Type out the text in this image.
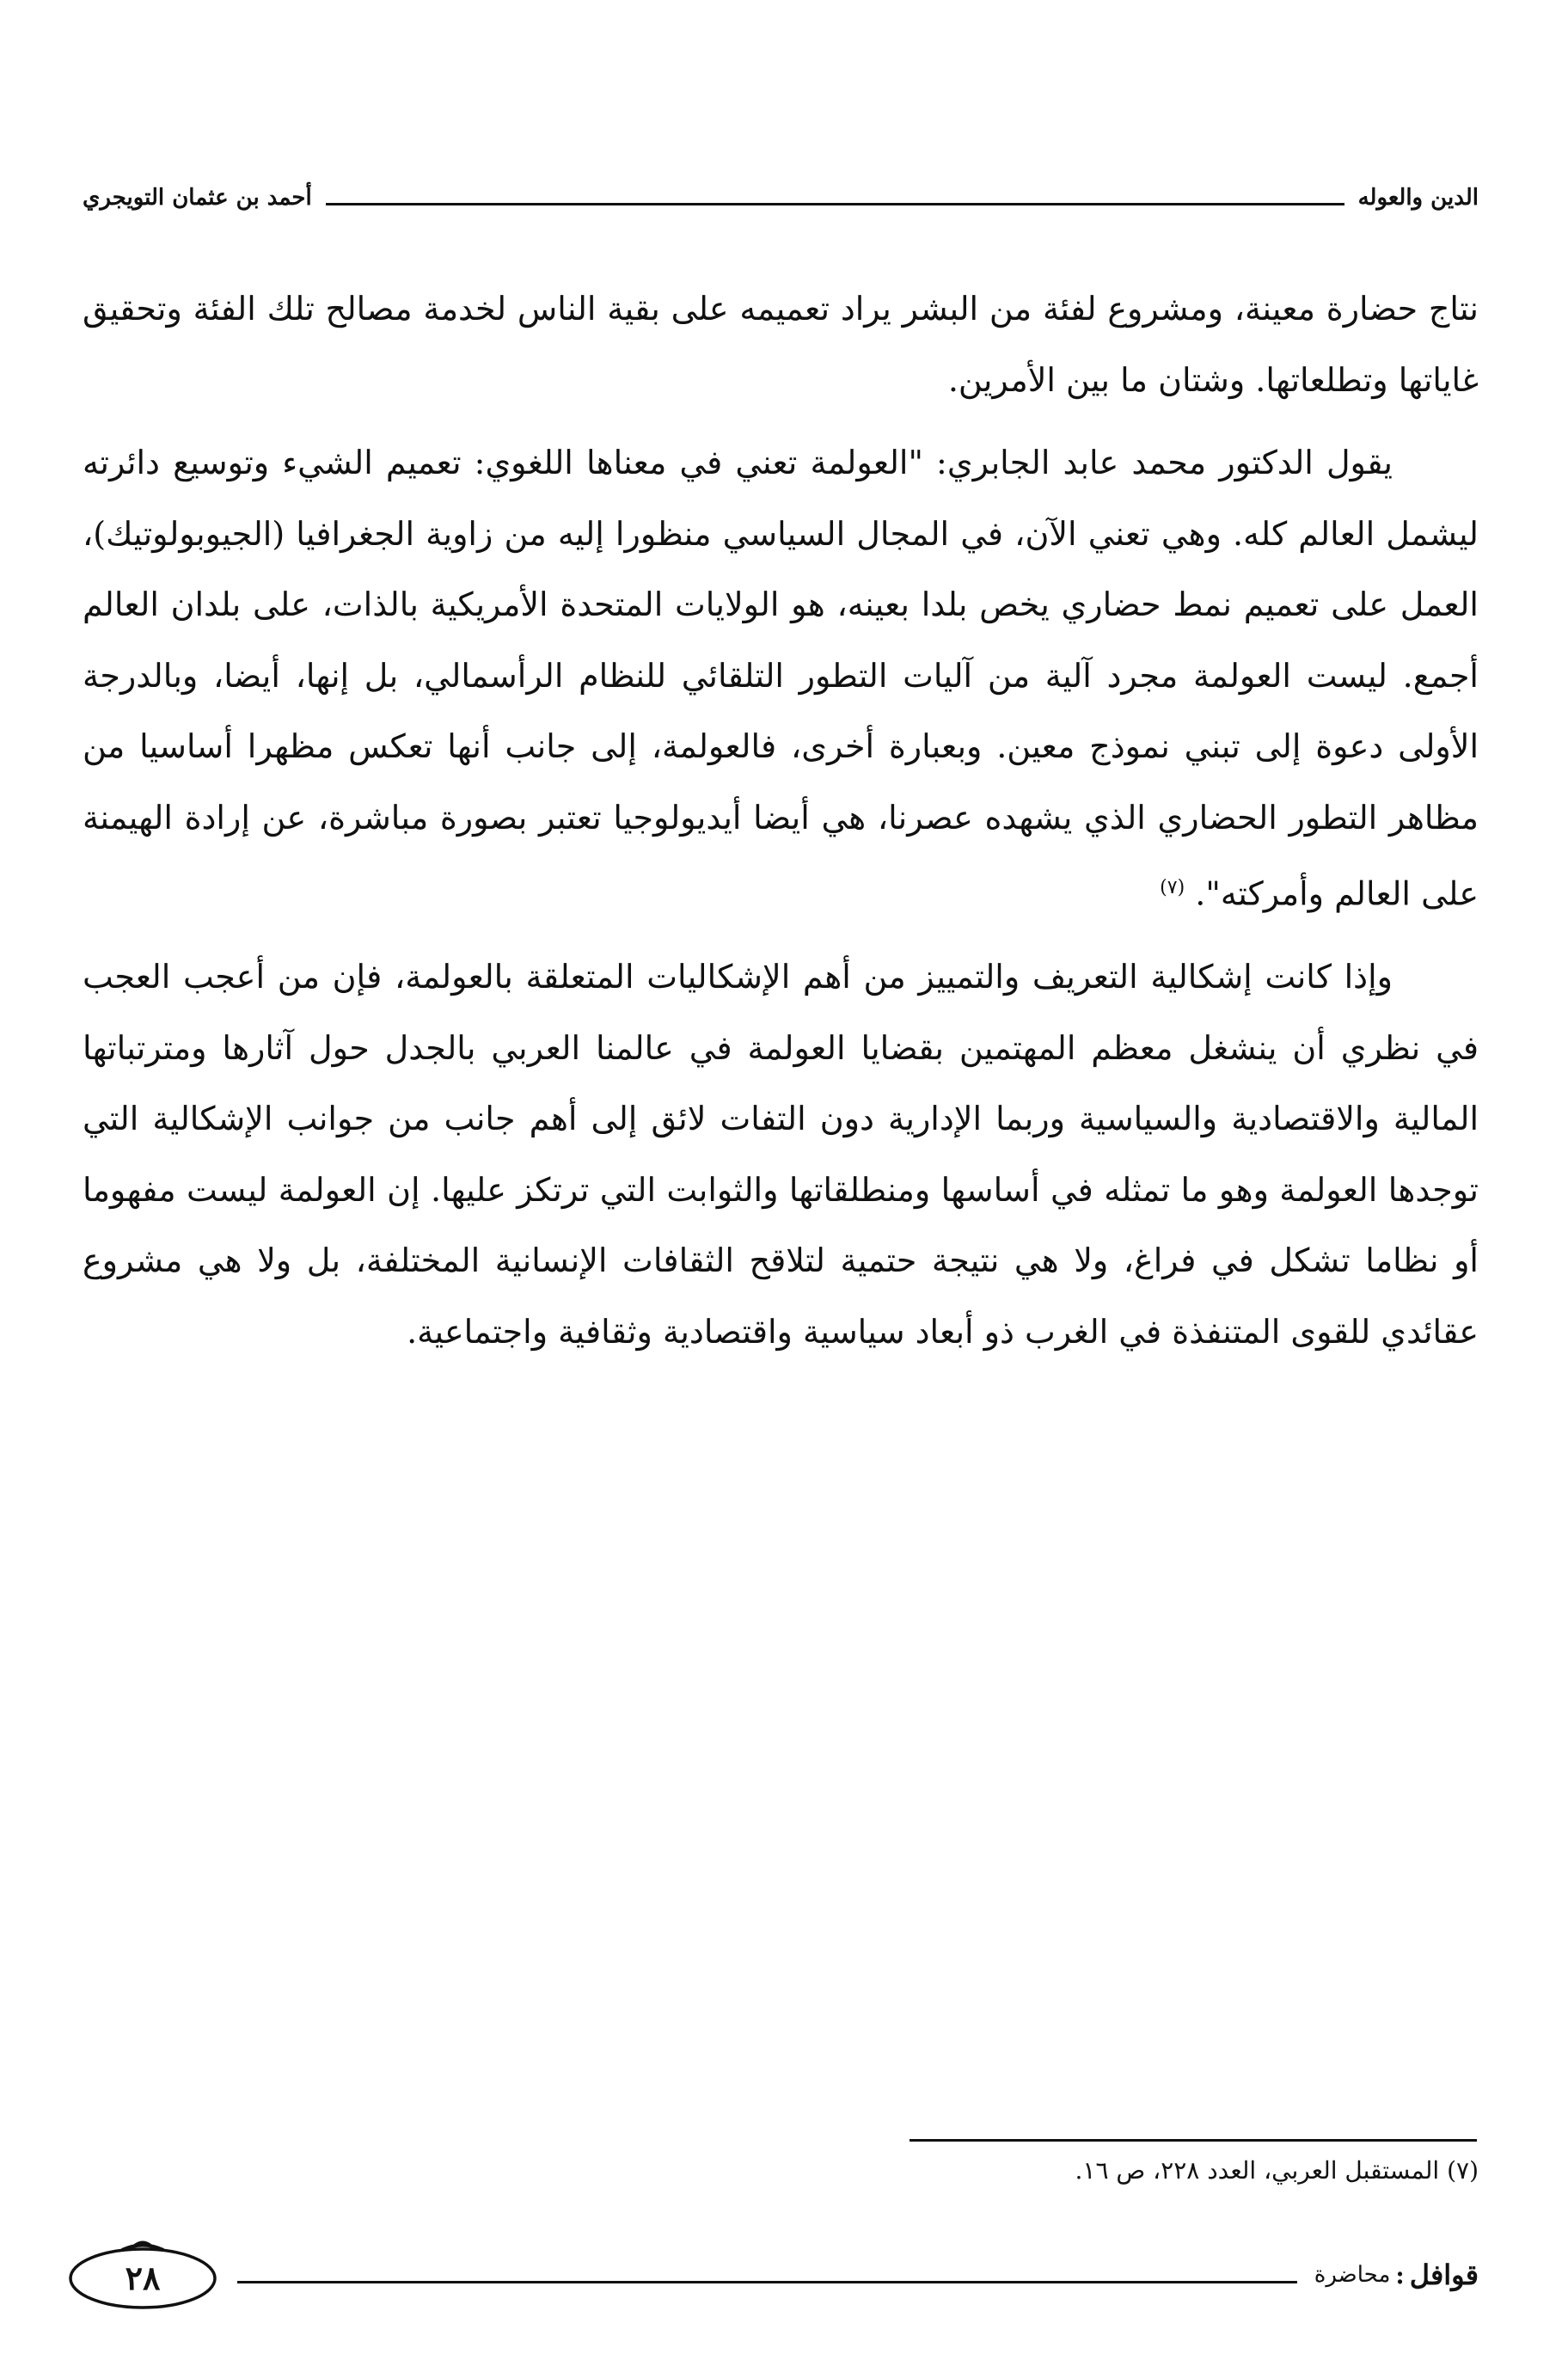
الدين والعوله
أحمد بن عثمان التويجري

نتاج حضارة معينة، ومشروع لفئة من البشر يراد تعميمه على بقية الناس لخدمة مصالح تلك الفئة وتحقيق غاياتها وتطلعاتها. وشتان ما بين الأمرين.

يقول الدكتور محمد عابد الجابري: "العولمة تعني في معناها اللغوي: تعميم الشيء وتوسيع دائرته ليشمل العالم كله. وهي تعني الآن، في المجال السياسي منظورا إليه من زاوية الجغرافيا (الجيوبولوتيك)، العمل على تعميم نمط حضاري يخص بلدا بعينه، هو الولايات المتحدة الأمريكية بالذات، على بلدان العالم أجمع. ليست العولمة مجرد آلية من آليات التطور التلقائي للنظام الرأسمالي، بل إنها، أيضا، وبالدرجة الأولى دعوة إلى تبني نموذج معين. وبعبارة أخرى، فالعولمة، إلى جانب أنها تعكس مظهرا أساسيا من مظاهر التطور الحضاري الذي يشهده عصرنا، هي أيضا أيديولوجيا تعتبر بصورة مباشرة، عن إرادة الهيمنة على العالم وأمركته". $^{(٧)}$

وإذا كانت إشكالية التعريف والتمييز من أهم الإشكاليات المتعلقة بالعولمة، فإن من أعجب العجب في نظري أن ينشغل معظم المهتمين بقضايا العولمة في عالمنا العربي بالجدل حول آثارها ومترتباتها المالية والاقتصادية والسياسية وربما الإدارية دون التفات لائق إلى أهم جانب من جوانب الإشكالية التي توجدها العولمة وهو ما تمثله في أساسها ومنطلقاتها والثوابت التي ترتكز عليها. إن العولمة ليست مفهوما أو نظاما تشكل في فراغ، ولا هي نتيجة حتمية لتلاقح الثقافات الإنسانية المختلفة، بل ولا هي مشروع عقائدي للقوى المتنفذة في الغرب ذو أبعاد سياسية واقتصادية وثقافية واجتماعية.

(٧) المستقبل العربي، العدد ٢٢٨، ص ١٦.
قوافل
:
محاضرة
٢٨
